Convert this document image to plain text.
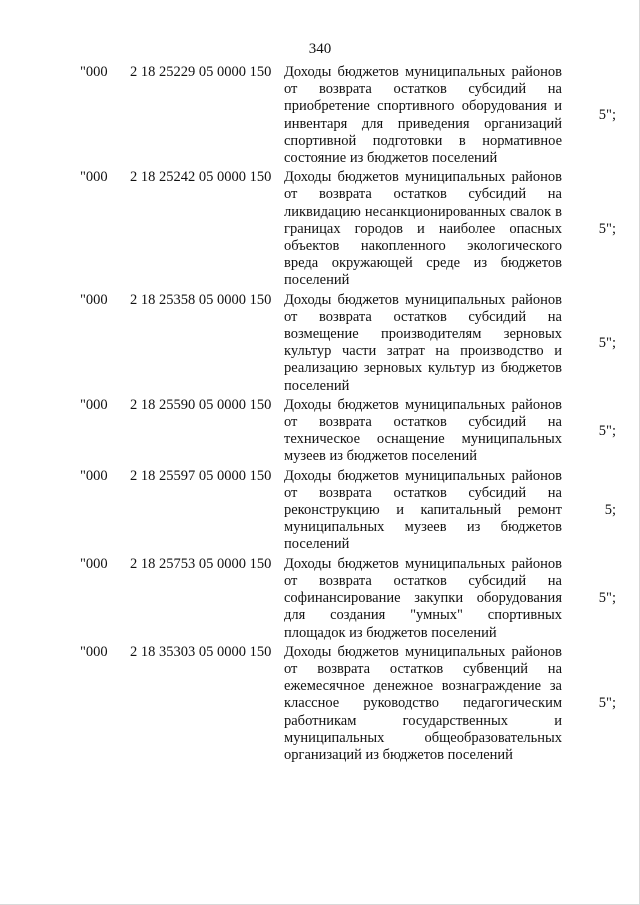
340
"000	2 18 25229 05 0000 150 Доходы бюджетов муниципальных районов от возврата остатков субсидий на приобретение спортивного оборудования и инвентаря для приведения организаций спортивной подготовки в нормативное состояние из бюджетов поселений
5";
"000	2 18 25242 05 0000 150 Доходы бюджетов муниципальных районов от возврата остатков субсидий на ликвидацию несанкционированных свалок в границах городов и наиболее опасных объектов накопленного экологического вреда окружающей среде из бюджетов поселений
5";
"000	2 18 25358 05 0000 150 Доходы бюджетов муниципальных районов от возврата остатков субсидий на возмещение производителям зерновых культур части затрат на производство и реализацию зерновых культур из бюджетов поселений
5";
"000	2 18 25590 05 0000 150 Доходы бюджетов муниципальных районов от возврата остатков субсидий на техническое оснащение муниципальных музеев из бюджетов поселений
5";
"000	2 18 25597 05 0000 150 Доходы бюджетов муниципальных районов от возврата остатков субсидий на реконструкцию и капитальный ремонт муниципальных музеев из бюджетов поселений
5;
"000	2 18 25753 05 0000 150 Доходы бюджетов муниципальных районов от возврата остатков субсидий на софинансирование закупки оборудования для создания "умных" спортивных площадок из бюджетов поселений
5";
"000	2 18 35303 05 0000 150 Доходы бюджетов муниципальных районов от возврата остатков субвенций на ежемесячное денежное вознаграждение за классное руководство педагогическим работникам государственных и муниципальных общеобразовательных организаций из бюджетов поселений
5";
